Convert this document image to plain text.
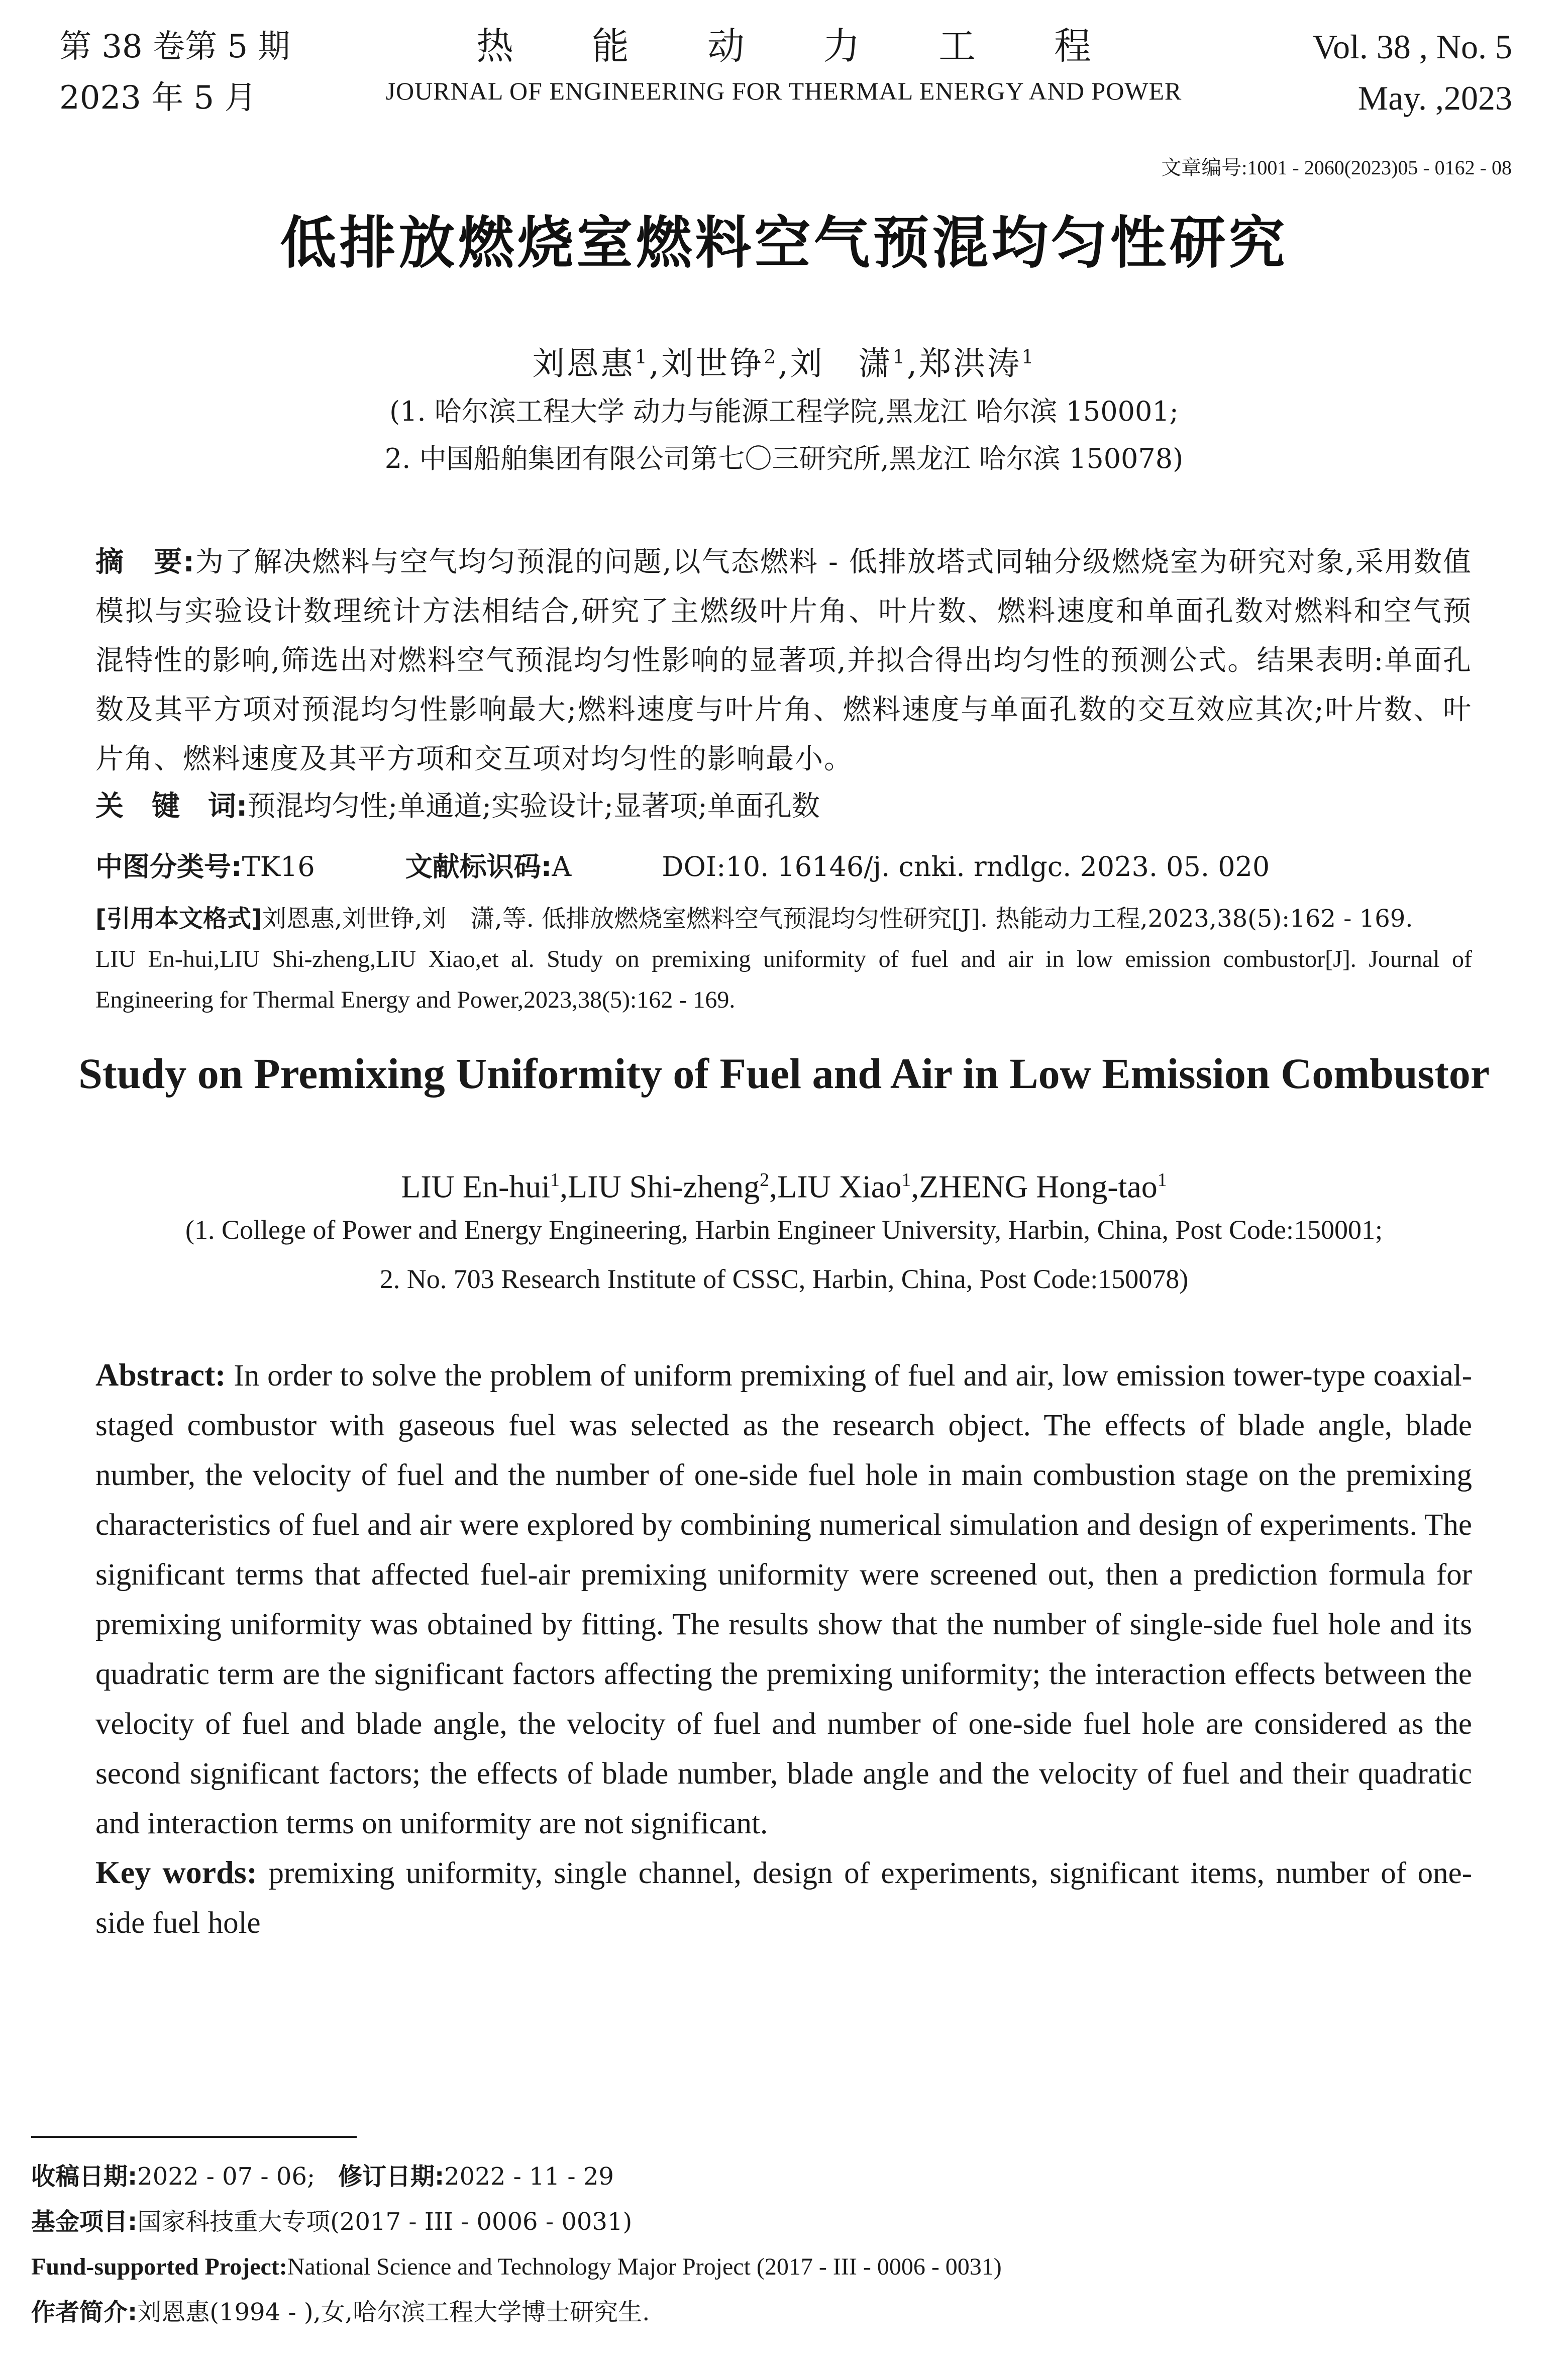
第 38 卷第 5 期
2023 年 5 月
热能动力工程
JOURNAL OF ENGINEERING FOR THERMAL ENERGY AND POWER
Vol. 38 , No. 5
May. ,2023
文章编号:1001 - 2060(2023)05 - 0162 - 08
低排放燃烧室燃料空气预混均匀性研究
刘恩惠$^1$,刘世铮$^2$,刘　潇$^1$,郑洪涛$^1$
(1. 哈尔滨工程大学 动力与能源工程学院,黑龙江 哈尔滨 150001;
2. 中国船舶集团有限公司第七〇三研究所,黑龙江 哈尔滨 150078)
摘　要:为了解决燃料与空气均匀预混的问题,以气态燃料 - 低排放塔式同轴分级燃烧室为研究对象,采用数值模拟与实验设计数理统计方法相结合,研究了主燃级叶片角、叶片数、燃料速度和单面孔数对燃料和空气预混特性的影响,筛选出对燃料空气预混均匀性影响的显著项,并拟合得出均匀性的预测公式。结果表明:单面孔数及其平方项对预混均匀性影响最大;燃料速度与叶片角、燃料速度与单面孔数的交互效应其次;叶片数、叶片角、燃料速度及其平方项和交互项对均匀性的影响最小。
关　键　词:预混均匀性;单通道;实验设计;显著项;单面孔数
中图分类号:TK16	文献标识码:A	DOI:10. 16146/j. cnki. rndlgc. 2023. 05. 020
[引用本文格式]刘恩惠,刘世铮,刘　潇,等. 低排放燃烧室燃料空气预混均匀性研究[J]. 热能动力工程,2023,38(5):162 - 169.
LIU En-hui,LIU Shi-zheng,LIU Xiao,et al. Study on premixing uniformity of fuel and air in low emission combustor[J]. Journal of Engineering for Thermal Energy and Power,2023,38(5):162 - 169.
Study on Premixing Uniformity of Fuel and Air in Low Emission Combustor
LIU En-hui$^1$,LIU Shi-zheng$^2$,LIU Xiao$^1$,ZHENG Hong-tao$^1$
(1. College of Power and Energy Engineering, Harbin Engineer University, Harbin, China, Post Code:150001;
2. No. 703 Research Institute of CSSC, Harbin, China, Post Code:150078)
Abstract: In order to solve the problem of uniform premixing of fuel and air, low emission tower-type coaxial-staged combustor with gaseous fuel was selected as the research object. The effects of blade angle, blade number, the velocity of fuel and the number of one-side fuel hole in main combustion stage on the premixing characteristics of fuel and air were explored by combining numerical simulation and design of experiments. The significant terms that affected fuel-air premixing uniformity were screened out, then a prediction formula for premixing uniformity was obtained by fitting. The results show that the number of single-side fuel hole and its quadratic term are the significant factors affecting the premixing uniformity; the interaction effects between the velocity of fuel and blade angle, the velocity of fuel and number of one-side fuel hole are considered as the second significant factors; the effects of blade number, blade angle and the velocity of fuel and their quadratic and interaction terms on uniformity are not significant.
Key words: premixing uniformity, single channel, design of experiments, significant items, number of one-side fuel hole
收稿日期:2022 - 07 - 06; 修订日期:2022 - 11 - 29
基金项目:国家科技重大专项(2017 - III - 0006 - 0031)
Fund-supported Project:National Science and Technology Major Project (2017 - III - 0006 - 0031)
作者简介:刘恩惠(1994 - ),女,哈尔滨工程大学博士研究生.
